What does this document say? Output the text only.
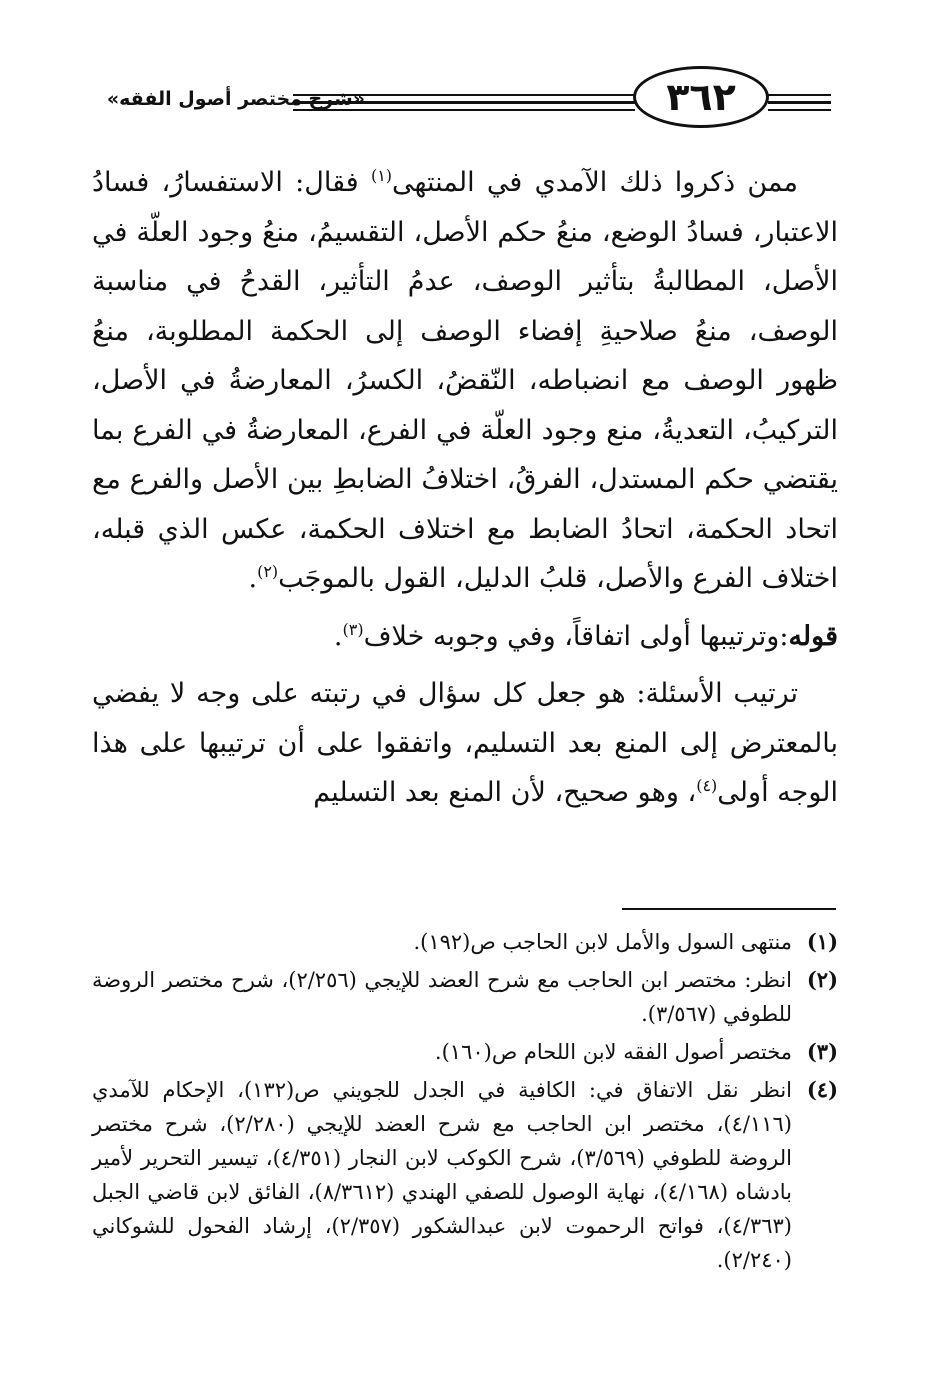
«شرح مختصر أصول الفقه»	٣٦٢

ممن ذكروا ذلك الآمدي في المنتهى$^{(١)}$ فقال: الاستفسارُ، فسادُ الاعتبار، فسادُ الوضع، منعُ حكم الأصل، التقسيمُ، منعُ وجود العلّة في الأصل، المطالبةُ بتأثير الوصف، عدمُ التأثير، القدحُ في مناسبة الوصف، منعُ صلاحيةِ إفضاء الوصف إلى الحكمة المطلوبة، منعُ ظهور الوصف مع انضباطه، النّقضُ، الكسرُ، المعارضةُ في الأصل، التركيبُ، التعديةُ، منع وجود العلّة في الفرع، المعارضةُ في الفرع بما يقتضي حكم المستدل، الفرقُ، اختلافُ الضابطِ بين الأصل والفرع مع اتحاد الحكمة، اتحادُ الضابط مع اختلاف الحكمة، عكس الذي قبله، اختلاف الفرع والأصل، قلبُ الدليل، القول بالموجَب$^{(٢)}$.

قوله:وترتيبها أولى اتفاقاً، وفي وجوبه خلاف$^{(٣)}$.

ترتيب الأسئلة: هو جعل كل سؤال في رتبته على وجه لا يفضي بالمعترض إلى المنع بعد التسليم، واتفقوا على أن ترتيبها على هذا الوجه أولى$^{(٤)}$، وهو صحيح، لأن المنع بعد التسليم

(١)
منتهى السول والأمل لابن الحاجب ص(١٩٢).
(٢)
انظر: مختصر ابن الحاجب مع شرح العضد للإيجي (٢/٢٥٦)، شرح مختصر الروضة للطوفي (٣/٥٦٧).
(٣)
مختصر أصول الفقه لابن اللحام ص(١٦٠).
(٤)
انظر نقل الاتفاق في: الكافية في الجدل للجويني ص(١٣٢)، الإحكام للآمدي (٤/١١٦)، مختصر ابن الحاجب مع شرح العضد للإيجي (٢/٢٨٠)، شرح مختصر الروضة للطوفي (٣/٥٦٩)، شرح الكوكب لابن النجار (٤/٣٥١)، تيسير التحرير لأمير بادشاه (٤/١٦٨)، نهاية الوصول للصفي الهندي (٨/٣٦١٢)، الفائق لابن قاضي الجبل (٤/٣٦٣)، فواتح الرحموت لابن عبدالشكور (٢/٣٥٧)، إرشاد الفحول للشوكاني (٢/٢٤٠).
